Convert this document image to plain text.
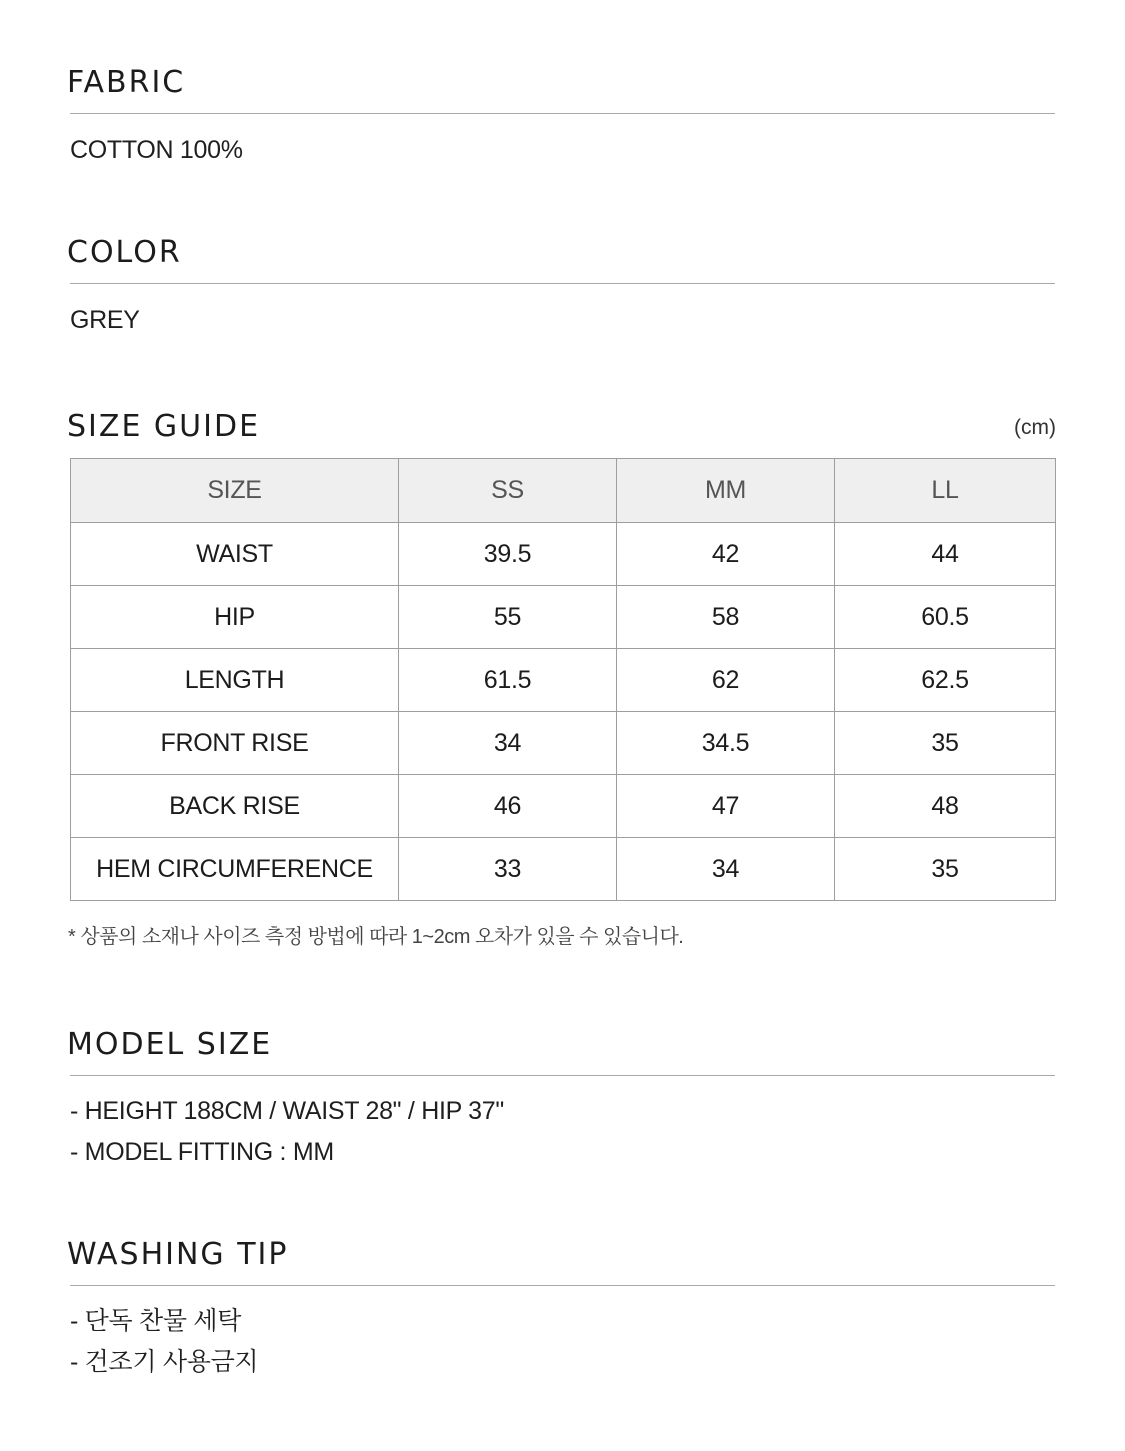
FABRIC
COTTON 100%
COLOR
GREY
SIZE GUIDE	(cm)
SIZE	SS	MM	LL
WAIST	39.5	42	44
HIP	55	58	60.5
LENGTH	61.5	62	62.5
FRONT RISE	34	34.5	35
BACK RISE	46	47	48
HEM CIRCUMFERENCE	33	34	35
* 상품의 소재나 사이즈 측정 방법에 따라 1~2cm 오차가 있을 수 있습니다.
MODEL SIZE
- HEIGHT 188CM / WAIST 28" / HIP 37"
- MODEL FITTING : MM
WASHING TIP
- 단독 찬물 세탁
- 건조기 사용금지
